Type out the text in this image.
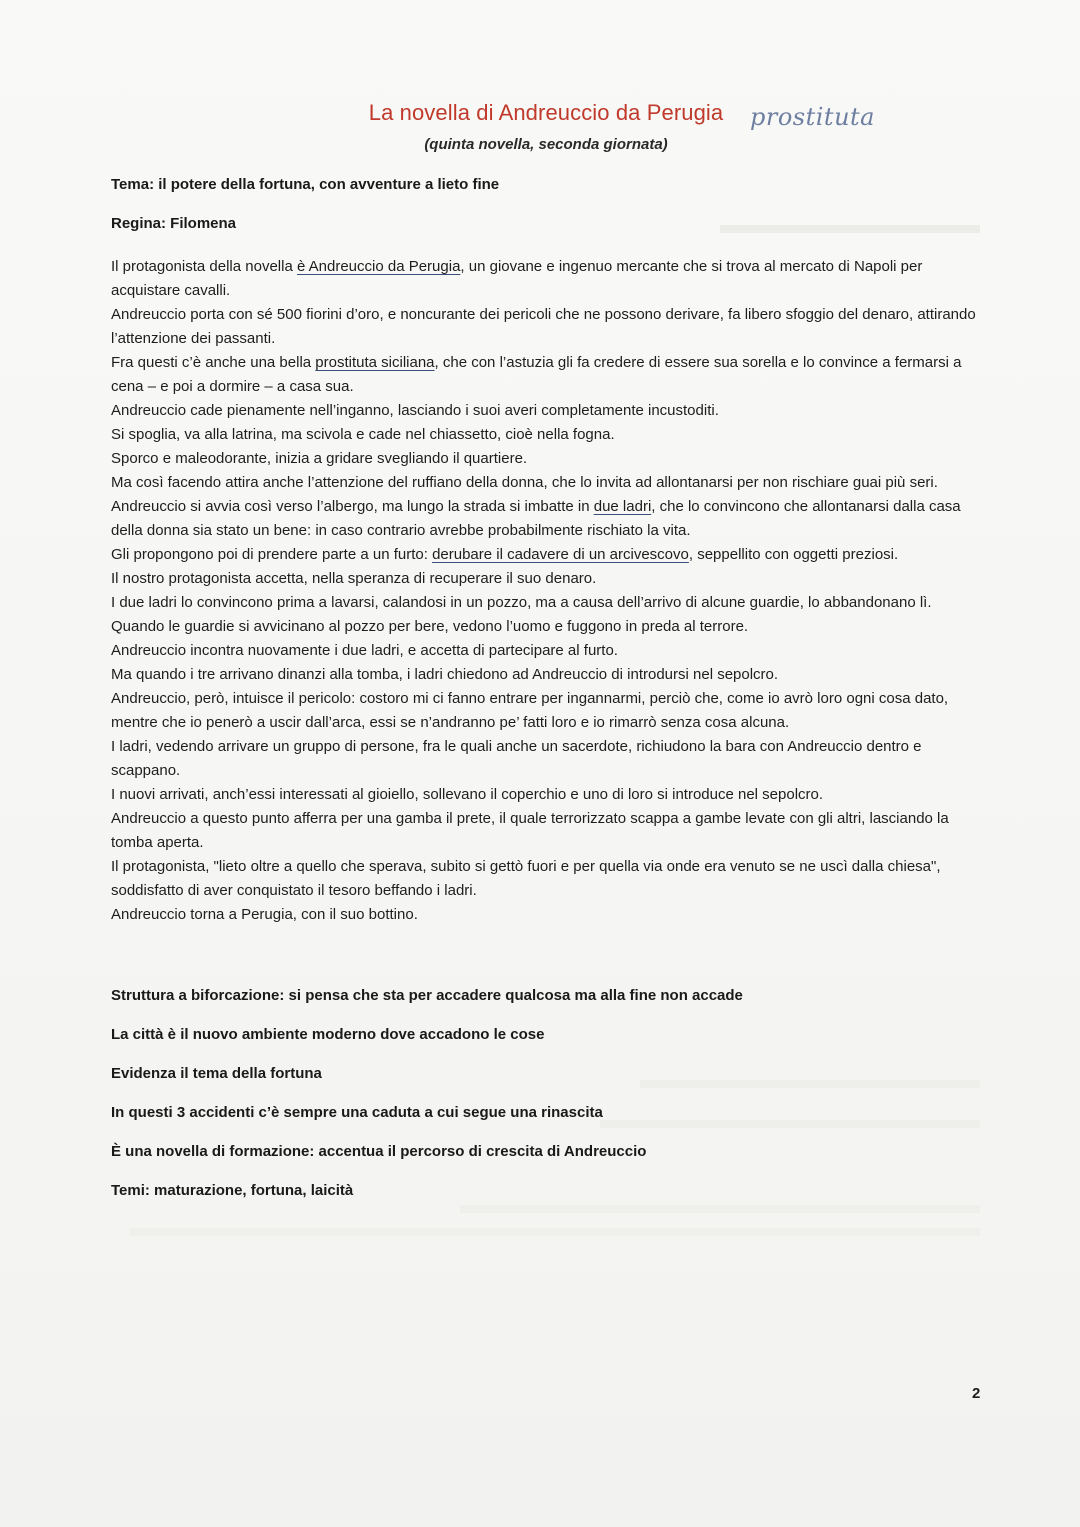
La novella di Andreuccio da Perugia	prostituta
(quinta novella, seconda giornata)
Tema: il potere della fortuna, con avventure a lieto fine
Regina: Filomena

Il protagonista della novella è Andreuccio da Perugia, un giovane e ingenuo mercante che si trova al mercato di Napoli per acquistare cavalli.

Andreuccio porta con sé 500 fiorini d’oro, e noncurante dei pericoli che ne possono derivare, fa libero sfoggio del denaro, attirando l’attenzione dei passanti.

Fra questi c’è anche una bella prostituta siciliana, che con l’astuzia gli fa credere di essere sua sorella e lo convince a fermarsi a cena – e poi a dormire – a casa sua.

Andreuccio cade pienamente nell’inganno, lasciando i suoi averi completamente incustoditi.

Si spoglia, va alla latrina, ma scivola e cade nel chiassetto, cioè nella fogna.

Sporco e maleodorante, inizia a gridare svegliando il quartiere.

Ma così facendo attira anche l’attenzione del ruffiano della donna, che lo invita ad allontanarsi per non rischiare guai più seri.

Andreuccio si avvia così verso l’albergo, ma lungo la strada si imbatte in due ladri, che lo convincono che allontanarsi dalla casa della donna sia stato un bene: in caso contrario avrebbe probabilmente rischiato la vita.

Gli propongono poi di prendere parte a un furto: derubare il cadavere di un arcivescovo, seppellito con oggetti preziosi.

Il nostro protagonista accetta, nella speranza di recuperare il suo denaro.

I due ladri lo convincono prima a lavarsi, calandosi in un pozzo, ma a causa dell’arrivo di alcune guardie, lo abbandonano lì.

Quando le guardie si avvicinano al pozzo per bere, vedono l’uomo e fuggono in preda al terrore.

Andreuccio incontra nuovamente i due ladri, e accetta di partecipare al furto.

Ma quando i tre arrivano dinanzi alla tomba, i ladri chiedono ad Andreuccio di introdursi nel sepolcro.

Andreuccio, però, intuisce il pericolo: costoro mi ci fanno entrare per ingannarmi, perciò che, come io avrò loro ogni cosa dato, mentre che io penerò a uscir dall’arca, essi se n’andranno pe’ fatti loro e io rimarrò senza cosa alcuna.

I ladri, vedendo arrivare un gruppo di persone, fra le quali anche un sacerdote, richiudono la bara con Andreuccio dentro e scappano.

I nuovi arrivati, anch’essi interessati al gioiello, sollevano il coperchio e uno di loro si introduce nel sepolcro.

Andreuccio a questo punto afferra per una gamba il prete, il quale terrorizzato scappa a gambe levate con gli altri, lasciando la tomba aperta.

Il protagonista, "lieto oltre a quello che sperava, subito si gettò fuori e per quella via onde era venuto se ne uscì dalla chiesa", soddisfatto di aver conquistato il tesoro beffando i ladri.

Andreuccio torna a Perugia, con il suo bottino.

Struttura a biforcazione: si pensa che sta per accadere qualcosa ma alla fine non accade

La città è il nuovo ambiente moderno dove accadono le cose

Evidenza il tema della fortuna

In questi 3 accidenti c’è sempre una caduta a cui segue una rinascita

È una novella di formazione: accentua il percorso di crescita di Andreuccio

Temi: maturazione, fortuna, laicità

2
